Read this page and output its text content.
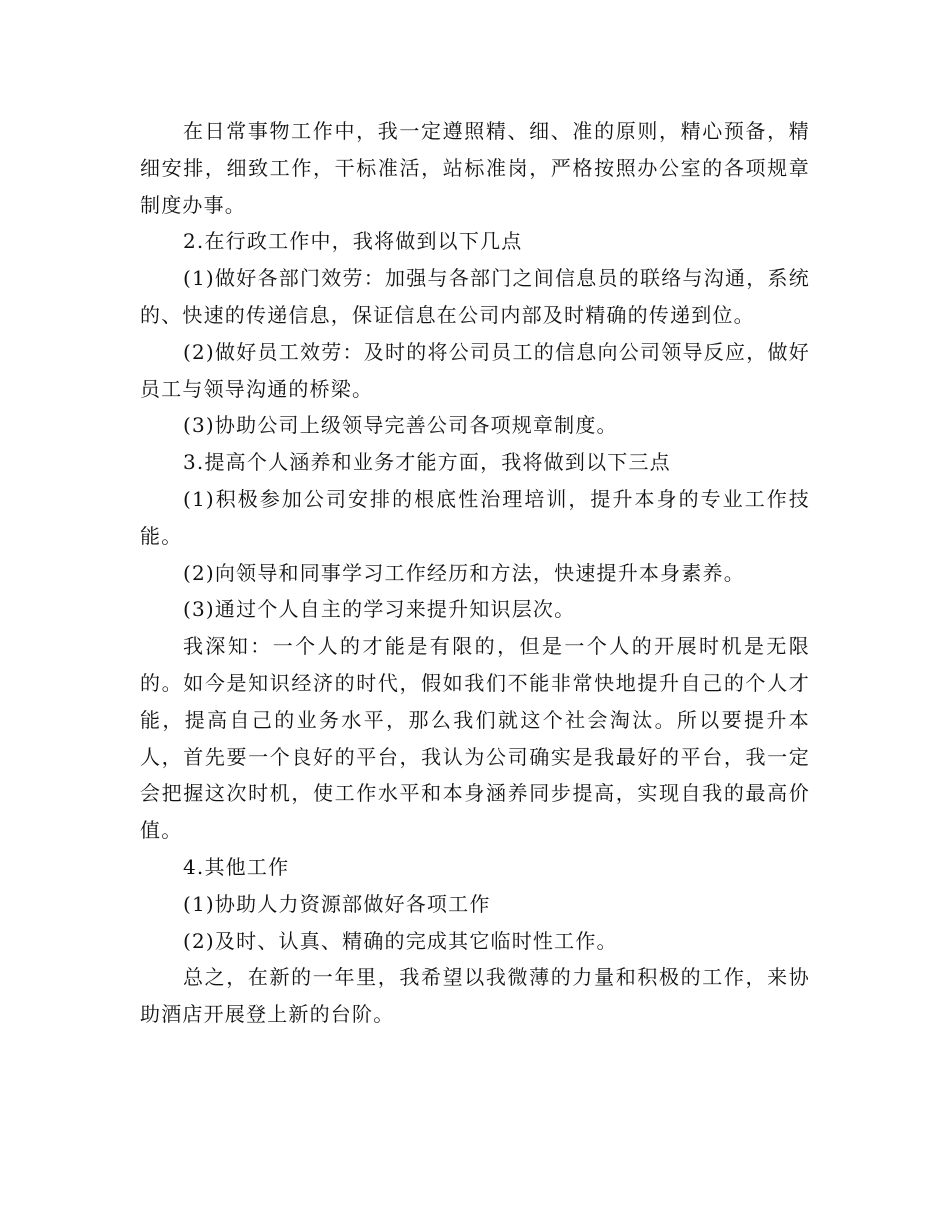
在日常事物工作中，我一定遵照精、细、准的原则，精心预备，精细安排，细致工作，干标准活，站标准岗，严格按照办公室的各项规章制度办事。

2.在行政工作中，我将做到以下几点

(1)做好各部门效劳：加强与各部门之间信息员的联络与沟通，系统的、快速的传递信息，保证信息在公司内部及时精确的传递到位。

(2)做好员工效劳：及时的将公司员工的信息向公司领导反应，做好员工与领导沟通的桥梁。

(3)协助公司上级领导完善公司各项规章制度。

3.提高个人涵养和业务才能方面，我将做到以下三点

(1)积极参加公司安排的根底性治理培训，提升本身的专业工作技能。

(2)向领导和同事学习工作经历和方法，快速提升本身素养。

(3)通过个人自主的学习来提升知识层次。

我深知：一个人的才能是有限的，但是一个人的开展时机是无限的。如今是知识经济的时代，假如我们不能非常快地提升自己的个人才能，提高自己的业务水平，那么我们就这个社会淘汰。所以要提升本人，首先要一个良好的平台，我认为公司确实是我最好的平台，我一定会把握这次时机，使工作水平和本身涵养同步提高，实现自我的最高价值。

4.其他工作

(1)协助人力资源部做好各项工作

(2)及时、认真、精确的完成其它临时性工作。

总之，在新的一年里，我希望以我微薄的力量和积极的工作，来协助酒店开展登上新的台阶。
